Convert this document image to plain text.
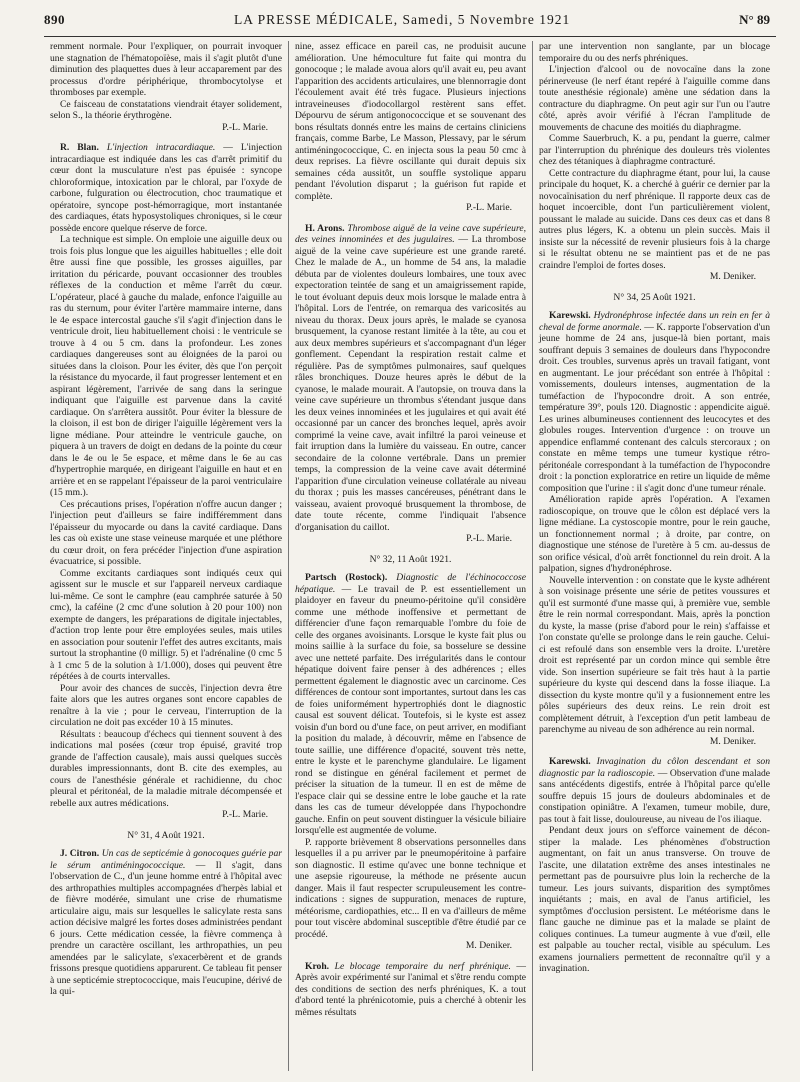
890	LA PRESSE MÉDICALE, Samedi, 5 Novembre 1921	N° 89

remment normale. Pour l'expliquer, on pourrait invoquer une stagnation de l'hématopoïèse, mais il s'agit plutôt d'une diminution des plaquettes dues à leur accaparement par des processus d'ordre périphérique, thrombocytolyse et thromboses par exemple.

Ce faisceau de constatations viendrait étayer solidement, selon S., la théorie érythrogène.

P.-L. Marie.

R. Blan. L'injection intracardiaque. — L'injection intracardiaque est indiquée dans les cas d'arrêt primitif du cœur dont la musculature n'est pas épuisée : syncope chloroformique, intoxication par le chloral, par l'oxyde de carbone, fulguration ou électrocution, choc traumatique et opératoire, syncope post-hémorragique, mort instantanée des cardiaques, états hyposystoliques chroniques, si le cœur possède encore quelque réserve de force.

La technique est simple. On emploie une aiguille deux ou trois fois plus longue que les aiguilles habituelles ; elle doit être aussi fine que possible, les grosses aiguilles, par irritation du péricarde, pouvant occasionner des troubles réflexes de la conduction et même l'arrêt du cœur. L'opérateur, placé à gauche du malade, enfonce l'aiguille au ras du sternum, pour éviter l'artère mammaire interne, dans le 4e espace intercostal gauche s'il s'agit d'injection dans le ventricule droit, lieu habituellement choisi : le ventricule se trouve à 4 ou 5 cm. dans la profondeur. Les zones cardiaques dangereuses sont au éloignées de la paroi ou situées dans la cloison. Pour les éviter, dès que l'on perçoit la résistance du myocarde, il faut progresser lentement et en aspirant légèrement, l'arrivée de sang dans la seringue indiquant que l'aiguille est parvenue dans la cavité cardiaque. On s'arrêtera aussitôt. Pour éviter la blessure de la cloison, il est bon de diriger l'aiguille légèrement vers la ligne médiane. Pour atteindre le ventricule gauche, on piquera à un travers de doigt en dedans de la pointe du cœur dans le 4e ou le 5e espace, et même dans le 6e au cas d'hypertrophie marquée, en dirigeant l'aiguille en haut et en arrière et en se rappelant l'épaisseur de la paroi ventriculaire (15 mm.).

Ces précautions prises, l'opération n'offre aucun danger ; l'injection peut d'ailleurs se faire indifféremment dans l'épaisseur du myocarde ou dans la cavité cardiaque. Dans les cas où existe une stase veineuse marquée et une pléthore du cœur droit, on fera précéder l'injection d'une aspiration évacuatrice, si possible.

Comme excitants cardiaques sont indiqués ceux qui agissent sur le muscle et sur l'appareil nerveux cardiaque lui-même. Ce sont le camphre (eau camphrée saturée à 50 cmc), la caféine (2 cmc d'une solution à 20 pour 100) non exempte de dangers, les préparations de digitale injectables, d'action trop lente pour être employées seules, mais utiles en association pour soutenir l'effet des autres excitants, mais surtout la strophantine (0 milligr. 5) et l'adrénaline (0 cmc 5 à 1 cmc 5 de la solution à 1/1.000), doses qui peuvent être répétées à de courts intervalles.

Pour avoir des chances de succès, l'injection devra être faite alors que les autres organes sont encore capables de renaître à la vie ; pour le cerveau, l'interruption de la circulation ne doit pas excéder 10 à 15 minutes.

Résultats : beaucoup d'échecs qui tiennent souvent à des indications mal posées (cœur trop épuisé, gravité trop grande de l'affection causale), mais aussi quelques succès durables impressionnants, dont B. cite des exemples, au cours de l'anesthésie générale et rachidienne, du choc pleural et péritonéal, de la maladie mitrale décompensée et rebelle aux autres médications.

P.-L. Marie.
N° 31, 4 Août 1921.

J. Citron. Un cas de septicémie à gonocoques guérie par le sérum antiméningococcique. — Il s'agit, dans l'observation de C., d'un jeune homme entré à l'hôpital avec des arthropathies multiples accompagnées d'herpès labial et de fièvre modérée, simulant une crise de rhumatisme articulaire aigu, mais sur lesquelles le salicylate resta sans action décisive malgré les fortes doses administrées pendant 6 jours. Cette médication cessée, la fièvre commença à prendre un caractère oscillant, les arthropathies, un peu amendées par le salicylate, s'exacerbèrent et de grands frissons presque quotidiens apparurent. Ce tableau fit penser à une septicémie streptococcique, mais l'eucupine, dérivé de la qui-

nine, assez efficace en pareil cas, ne produisit aucune amélioration. Une hémoculture fut faite qui montra du gonocoque ; le malade avoua alors qu'il avait eu, peu avant l'apparition des accidents articulaires, une blennorragie dont l'écoulement avait été très fugace. Plusieurs injections intraveineuses d'iodocollargol restèrent sans effet. Dépourvu de sérum antigonococcique et se souvenant des bons résultats donnés entre les mains de certains cliniciens français, comme Barbe, Le Masson, Plessavy, par le sérum antiméningococcique, C. en injecta sous la peau 50 cmc à deux reprises. La fièvre oscillante qui durait depuis six semaines céda aussitôt, un souffle systolique apparu pendant l'évolution disparut ; la guérison fut rapide et complète.

P.-L. Marie.

H. Arons. Thrombose aiguë de la veine cave supérieure, des veines innominées et des jugulaires. — La thrombose aiguë de la veine cave supérieure est une grande rareté. Chez le malade de A., un homme de 54 ans, la maladie débuta par de violentes douleurs lombaires, une toux avec expectoration teintée de sang et un amaigrissement rapide, le tout évoluant depuis deux mois lorsque le malade entra à l'hôpital. Lors de l'entrée, on remarqua des varicosités au niveau du thorax. Deux jours après, le malade se cyanosa brusquement, la cyanose restant limitée à la tête, au cou et aux deux membres supérieurs et s'accompagnant d'un léger gonflement. Cependant la respiration restait calme et régulière. Pas de symptômes pulmonaires, sauf quelques râles bronchiques. Douze heures après le début de la cyanose, le malade mourait. A l'autopsie, on trouva dans la veine cave supérieure un thrombus s'étendant jusque dans les deux veines innominées et les jugulaires et qui avait été occasionné par un cancer des bronches lequel, après avoir comprimé la veine cave, avait infiltré la paroi veineuse et fait irruption dans la lumière du vaisseau. En outre, cancer secondaire de la colonne vertébrale. Dans un premier temps, la compression de la veine cave avait déterminé l'apparition d'une circulation veineuse collatérale au niveau du thorax ; puis les masses cancéreuses, pénétrant dans le vaisseau, avaient provoqué brusquement la thrombose, de date toute récente, comme l'indiquait l'absence d'organisation du caillot.

P.-L. Marie.
N° 32, 11 Août 1921.

Partsch (Rostock). Diagnostic de l'échinococcose hépatique. — Le travail de P. est essentiellement un plaidoyer en faveur du pneumo-péritoine qu'il considère comme une méthode inoffensive et permettant de différencier d'une façon remarquable l'ombre du foie de celle des organes avoisinants. Lorsque le kyste fait plus ou moins saillie à la surface du foie, sa bosselure se dessine avec une netteté parfaite. Des irrégularités dans le contour hépatique doivent faire penser à des adhérences ; elles permettent également le diagnostic avec un carcinome. Ces différences de contour sont importantes, surtout dans les cas de foies uniformément hypertrophiés dont le diagnostic causal est souvent délicat. Toutefois, si le kyste est assez voisin d'un bord ou d'une face, on peut arriver, en modifiant la position du malade, à découvrir, même en l'absence de toute saillie, une différence d'opacité, souvent très nette, entre le kyste et le parenchyme glandulaire. Le ligament rond se distingue en général facilement et permet de préciser la situation de la tumeur. Il en est de même de l'espace clair qui se dessine entre le lobe gauche et la rate dans les cas de tumeur développée dans l'hypochondre gauche. Enfin on peut souvent distinguer la vésicule biliaire lorsqu'elle est augmentée de volume.

P. rapporte brièvement 8 observations personnelles dans lesquelles il a pu arriver par le pneumopéritoine à parfaire son diagnostic. Il estime qu'avec une bonne technique et une asepsie rigoureuse, la méthode ne présente aucun danger. Mais il faut respecter scrupuleusement les contre-indications : signes de suppuration, menaces de rupture, météorisme, cardiopathies, etc... Il en va d'ailleurs de même pour tout viscère abdominal susceptible d'être étudié par ce procédé.

M. Deniker.

Kroh. Le blocage temporaire du nerf phrénique. — Après avoir expérimenté sur l'animal et s'être rendu compte des conditions de section des nerfs phréniques, K. a tout d'abord tenté la phrénicotomie, puis a cherché à obtenir les mêmes résultats

par une intervention non sanglante, par un blocage temporaire du ou des nerfs phréniques.

L'injection d'alcool ou de novocaïne dans la zone périnerveuse (le nerf étant repéré à l'aiguille comme dans toute anesthésie régionale) amène une sédation dans la contracture du diaphragme. On peut agir sur l'un ou l'autre côté, après avoir vérifié à l'écran l'amplitude de mouvements de chacune des moitiés du diaphragme.

Comme Sauerbruch, K. a pu, pendant la guerre, calmer par l'interruption du phrénique des douleurs très violentes chez des tétaniques à diaphragme contracturé.

Cette contracture du diaphragme étant, pour lui, la cause principale du hoquet, K. a cherché à guérir ce dernier par la novocaïnisation du nerf phrénique. Il rapporte deux cas de hoquet incoercible, dont l'un particulièrement violent, poussant le malade au suicide. Dans ces deux cas et dans 8 autres plus légers, K. a obtenu un plein succès. Mais il insiste sur la nécessité de revenir plusieurs fois à la charge si le résultat obtenu ne se maintient pas et de ne pas craindre l'emploi de fortes doses.

M. Deniker.
N° 34, 25 Août 1921.

Karewski. Hydronéphrose infectée dans un rein en fer à cheval de forme anormale. — K. rapporte l'observation d'un jeune homme de 24 ans, jusque-là bien portant, mais souffrant depuis 3 semaines de douleurs dans l'hypocondre droit. Ces troubles, survenus après un travail fatigant, vont en augmentant. Le jour précédant son entrée à l'hôpital : vomissements, douleurs intenses, augmentation de la tuméfaction de l'hypocondre droit. A son entrée, température 39°, pouls 120. Diagnostic : appendicite aiguë. Les urines albumineuses contiennent des leucocytes et des globules rouges. Intervention d'urgence : on trouve un appendice enflammé contenant des calculs stercoraux ; on constate en même temps une tumeur kystique rétro-péritonéale correspondant à la tuméfaction de l'hypocondre droit : la ponction exploratrice en retire un liquide de même composition que l'urine : il s'agit donc d'une tumeur rénale.

Amélioration rapide après l'opération. A l'examen radioscopique, on trouve que le côlon est déplacé vers la ligne médiane. La cystoscopie montre, pour le rein gauche, un fonctionnement normal ; à droite, par contre, on diagnostique une sténose de l'uretère à 5 cm. au-dessus de son orifice vésical, d'où arrêt fonctionnel du rein droit. A la palpation, signes d'hydronéphrose.

Nouvelle intervention : on constate que le kyste adhérent à son voisinage présente une série de petites voussures et qu'il est surmonté d'une masse qui, à première vue, semble être le rein normal correspondant. Mais, après la ponction du kyste, la masse (prise d'abord pour le rein) s'affaisse et l'on constate qu'elle se prolonge dans le rein gauche. Celui-ci est refoulé dans son ensemble vers la droite. L'uretère droit est représenté par un cordon mince qui semble être vide. Son insertion supérieure se fait très haut à la partie supérieure du kyste qui descend dans la fosse iliaque. La dissection du kyste montre qu'il y a fusionnement entre les pôles supérieurs des deux reins. Le rein droit est complètement détruit, à l'exception d'un petit lambeau de parenchyme au niveau de son adhérence au rein normal.

M. Deniker.

Karewski. Invagination du côlon descendant et son diagnostic par la radioscopie. — Observation d'une malade sans antécédents digestifs, entrée à l'hôpital parce qu'elle souffre depuis 15 jours de douleurs abdominales et de constipation opiniâtre. A l'examen, tumeur mobile, dure, pas tout à fait lisse, douloureuse, au niveau de l'os iliaque.

Pendant deux jours on s'efforce vainement de décon-stiper la malade. Les phénomènes d'obstruction augmentant, on fait un anus transverse. On trouve de l'ascite, une dilatation extrême des anses intestinales ne permettant pas de poursuivre plus loin la recherche de la tumeur. Les jours suivants, disparition des symptômes inquiétants ; mais, en aval de l'anus artificiel, les symptômes d'occlusion persistent. Le météorisme dans le flanc gauche ne diminue pas et la malade se plaint de coliques continues. La tumeur augmente à vue d'œil, elle est palpable au toucher rectal, visible au spéculum. Les examens journaliers permettent de reconnaître qu'il y a invagination.
